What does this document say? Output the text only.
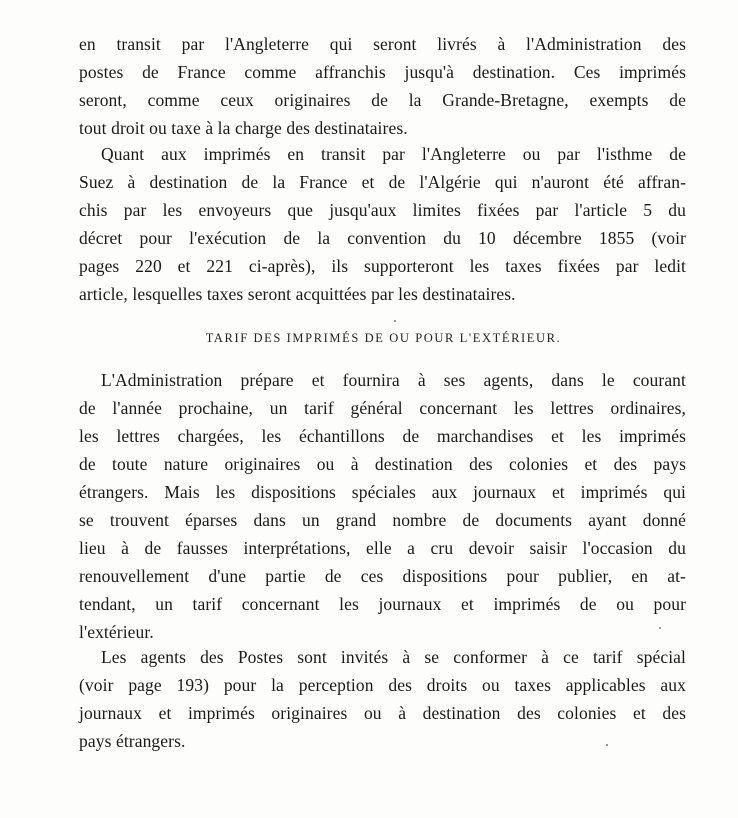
en transit par l'Angleterre qui seront livrés à l'Administration des
postes de France comme affranchis jusqu'à destination. Ces imprimés
seront, comme ceux originaires de la Grande-Bretagne, exempts de
tout droit ou taxe à la charge des destinataires.
Quant aux imprimés en transit par l'Angleterre ou par l'isthme de
Suez à destination de la France et de l'Algérie qui n'auront été affran-
chis par les envoyeurs que jusqu'aux limites fixées par l'article 5 du
décret pour l'exécution de la convention du 10 décembre 1855 (voir
pages 220 et 221 ci-après), ils supporteront les taxes fixées par ledit
article, lesquelles taxes seront acquittées par les destinataires.
TARIF DES IMPRIMÉS DE OU POUR L'EXTÉRIEUR.
L'Administration prépare et fournira à ses agents, dans le courant
de l'année prochaine, un tarif général concernant les lettres ordinaires,
les lettres chargées, les échantillons de marchandises et les imprimés
de toute nature originaires ou à destination des colonies et des pays
étrangers. Mais les dispositions spéciales aux journaux et imprimés qui
se trouvent éparses dans un grand nombre de documents ayant donné
lieu à de fausses interprétations, elle a cru devoir saisir l'occasion du
renouvellement d'une partie de ces dispositions pour publier, en at-
tendant, un tarif concernant les journaux et imprimés de ou pour
l'extérieur.
Les agents des Postes sont invités à se conformer à ce tarif spécial
(voir page 193) pour la perception des droits ou taxes applicables aux
journaux et imprimés originaires ou à destination des colonies et des
pays étrangers.
